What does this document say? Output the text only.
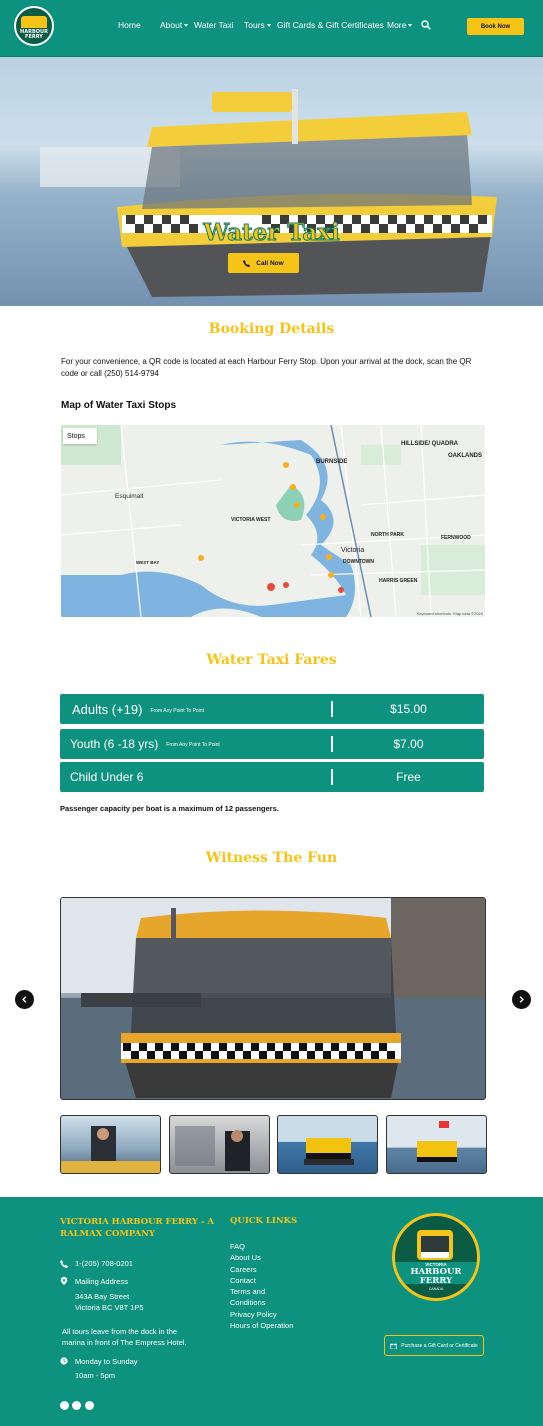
HARBOUR FERRY
Home About	Water Taxi Tours	Gift Cards & Gift Certificates More	Book Now
Water Taxi
Call Now
Booking Details
For your convenience, a QR code is located at each Harbour Ferry Stop. Upon your arrival at the dock, scan the QR code or call (250) 514-9794
Map of Water Taxi Stops
Stops
HILLSIDE/ QUADRA
OAKLANDS
BURNSIDE
Esquimalt
VICTORIA WEST
NORTH PARK	FERNWOOD
Victoria
DOWNTOWN
HARRIS GREEN
WEST BAY
Keyboard shortcuts Map data ©2024
Water Taxi Fares
Adults (+19) From Any Point To Point	$15.00
Youth (6 -18 yrs) From Any Point To Point	$7.00
Child Under 6	Free
Passenger capacity per boat is a maximum of 12 passengers.
Witness The Fun
VICTORIA HARBOUR FERRY - A RALMAX COMPANY
1-(205) 708-0201
Mailing Address
343A Bay Street
Victoria BC V8T 1P5
All tours leave from the dock in the
marina in front of The Empress Hotel.
Monday to Sunday
10am - 5pm
QUICK LINKS
FAQ
About Us
Careers
Contact
Terms and
Conditions
Privacy Policy
Hours of Operation
VICTORIA
HARBOUR
FERRY
CANADA
Purchase a Gift Card or Certificate
